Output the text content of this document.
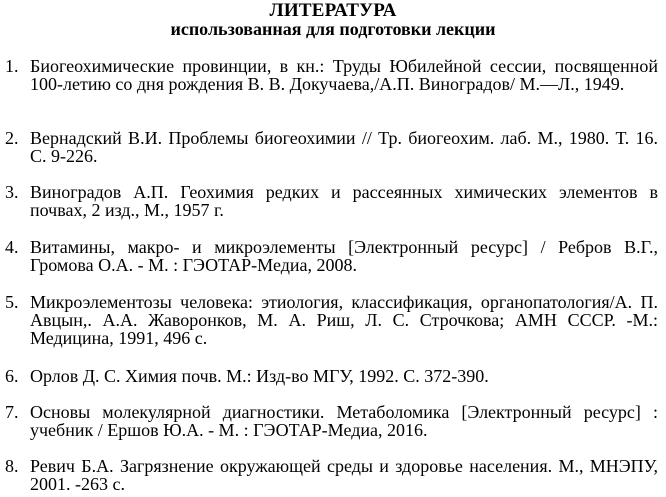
ЛИТЕРАТУРА
использованная для подготовки лекции
1. Биогеохимические провинции, в кн.: Труды Юбилейной сессии, посвященной 100-летию со дня рождения В. В. Докучаева,/А.П. Виноградов/ М.—Л., 1949.
2. Вернадский В.И. Проблемы биогеохимии // Тр. биогеохим. лаб. М., 1980. Т. 16. С. 9-226.
3. Виноградов А.П. Геохимия редких и рассеянных химических элементов в почвах, 2 изд., М., 1957 г.
4. Витамины, макро- и микроэлементы [Электронный ресурс] / Ребров В.Г., Громова О.А. - М. : ГЭОТАР-Медиа, 2008.
5. Микроэлементозы человека: этиология, классификация, органопатология/А. П. Авцын,. А.А. Жаворонков, М. А. Риш, Л. С. Строчкова; АМН СССР. -М.: Медицина, 1991, 496 с.
6. Орлов Д. С. Химия почв. М.: Изд-во МГУ, 1992. С. 372-390.
7. Основы молекулярной диагностики. Метаболомика [Электронный ресурс] : учебник / Ершов Ю.А. - М. : ГЭОТАР-Медиа, 2016.
8. Ревич Б.А. Загрязнение окружающей среды и здоровье населения. М., МНЭПУ, 2001. -263 с.
